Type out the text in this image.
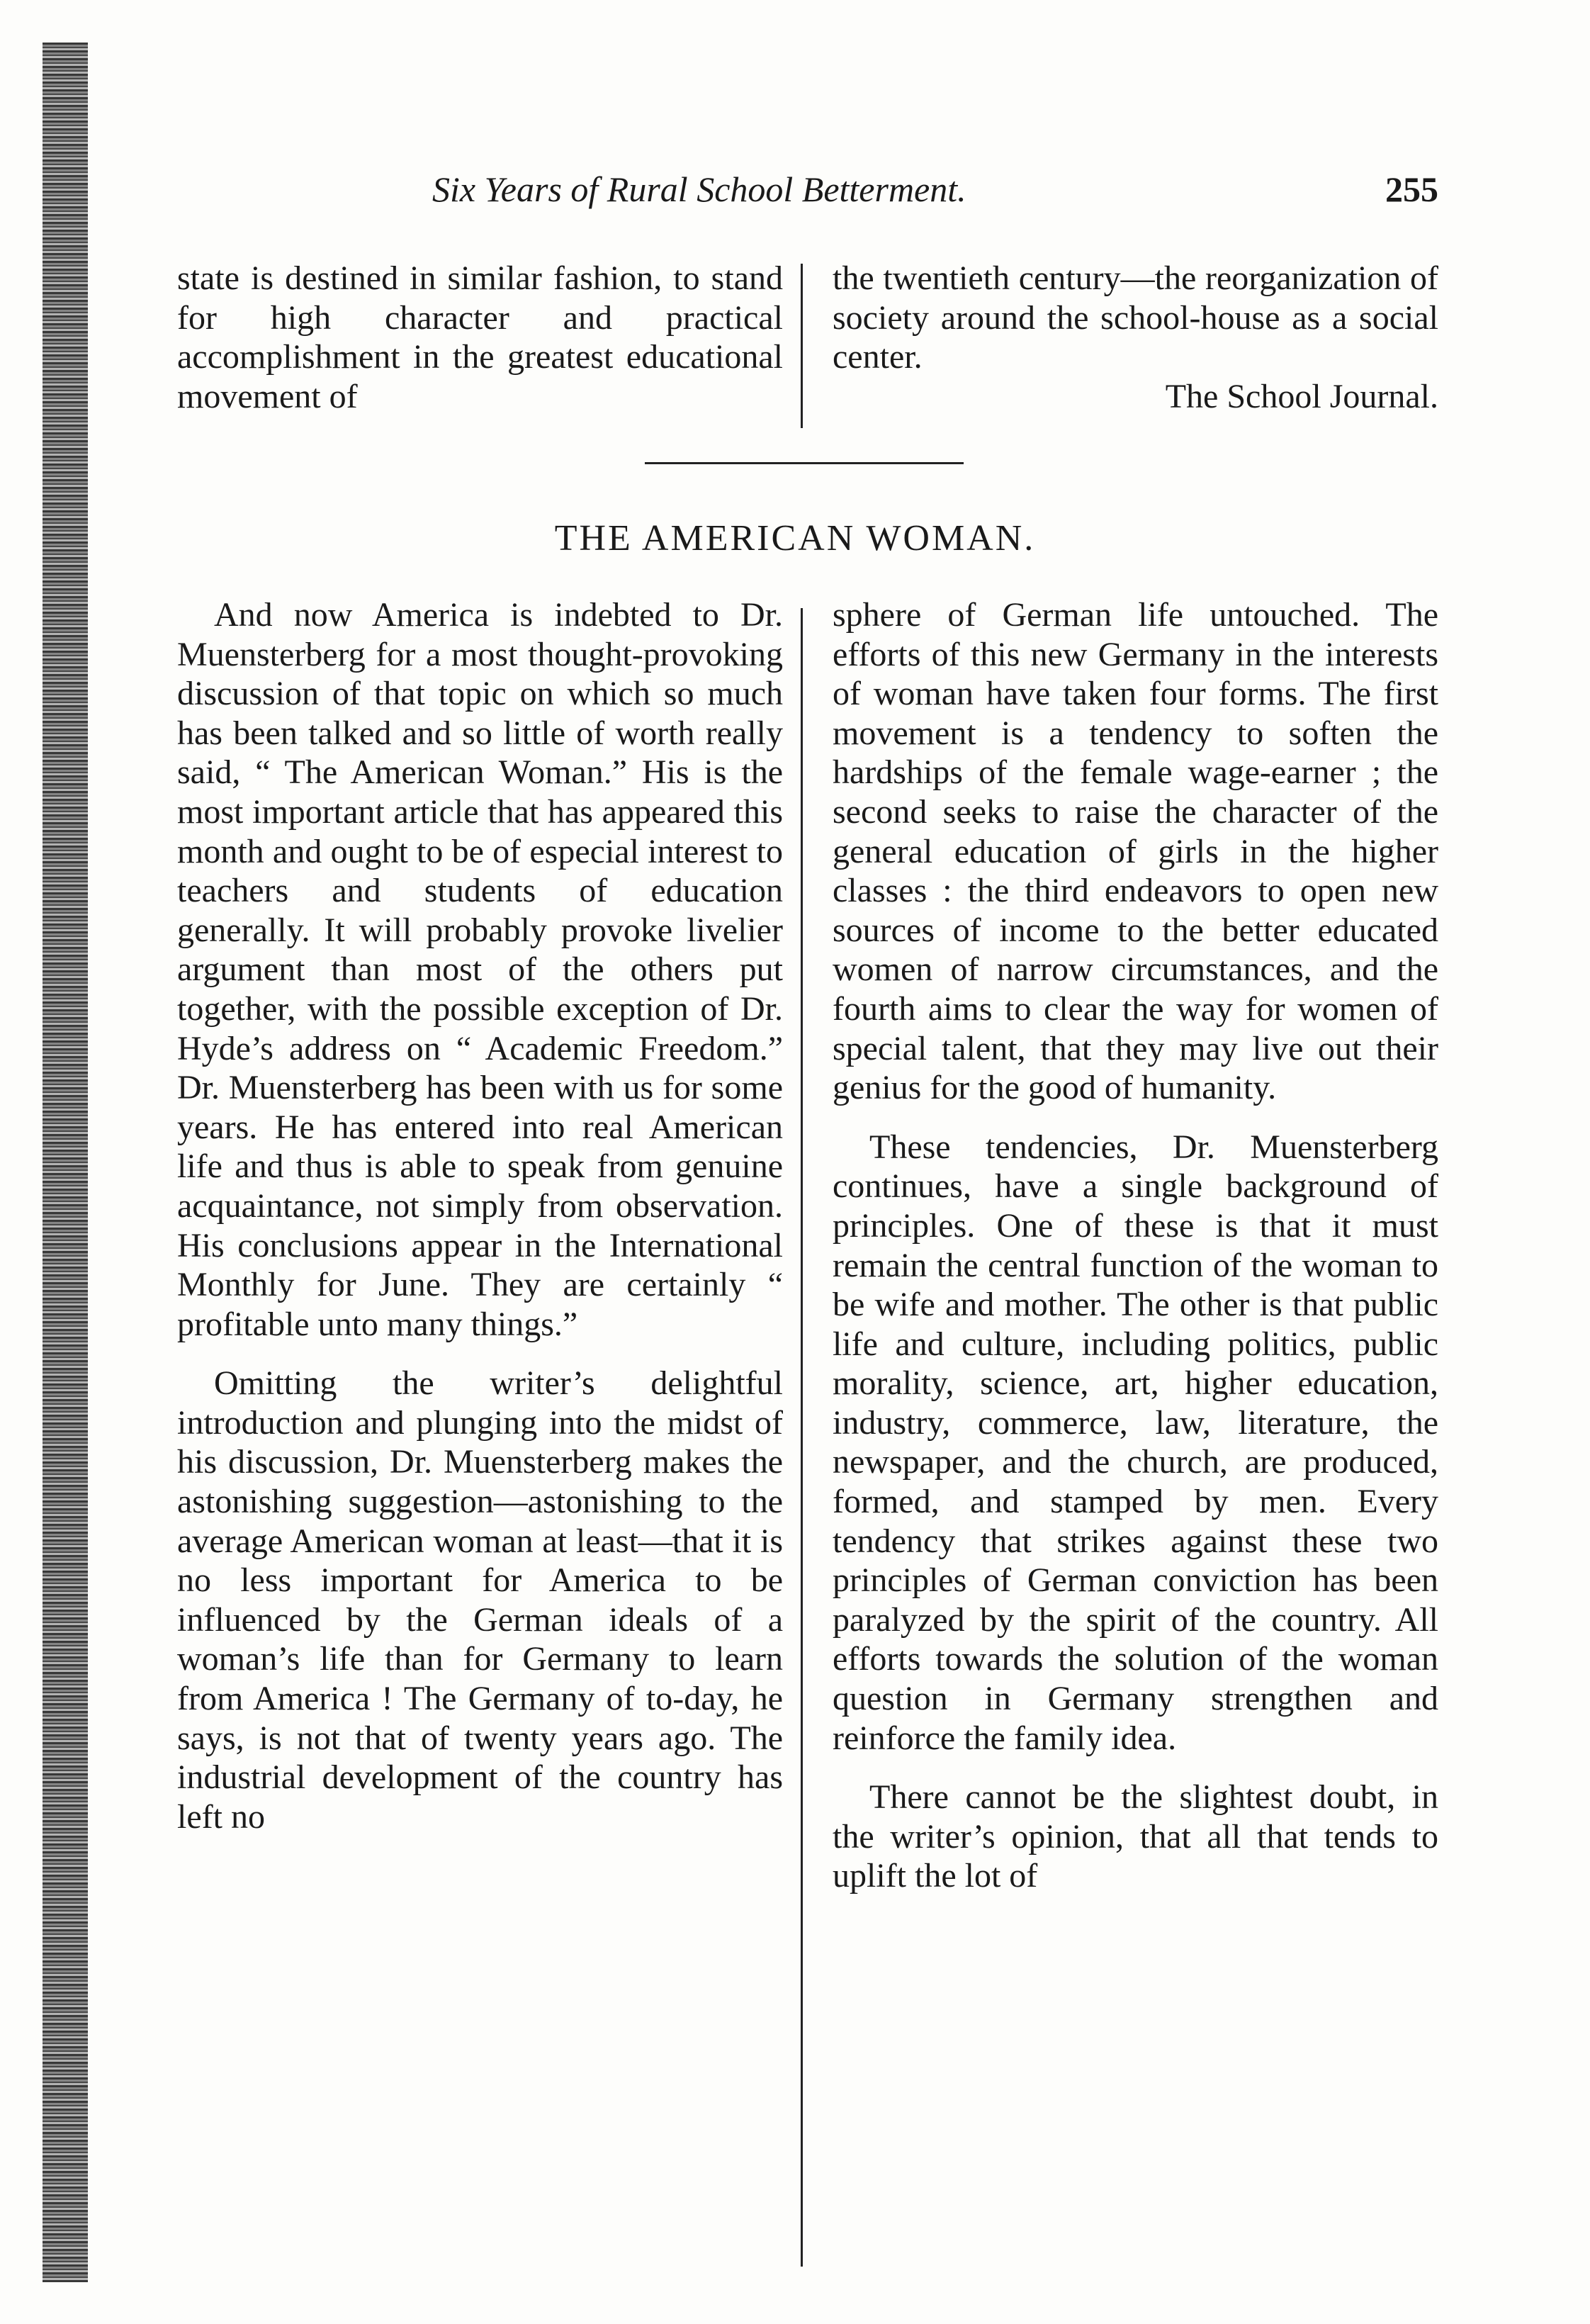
Six Years of Rural School Betterment.	255

state is destined in similar fashion, to stand for high character and practical accomplishment in the greatest educational movement of

the twentieth century—the reorganization of society around the school-house as a social center.

The School Journal.

THE AMERICAN WOMAN.

And now America is indebted to Dr. Muensterberg for a most thought-provoking discussion of that topic on which so much has been talked and so little of worth really said, “ The American Woman.” His is the most important article that has appeared this month and ought to be of especial interest to teachers and students of education generally. It will probably provoke livelier argument than most of the others put together, with the possible exception of Dr. Hyde’s address on “ Academic Freedom.” Dr. Muensterberg has been with us for some years. He has entered into real American life and thus is able to speak from genuine acquaintance, not simply from observation. His conclusions appear in the International Monthly for June. They are certainly “ profitable unto many things.”

Omitting the writer’s delightful introduction and plunging into the midst of his discussion, Dr. Muensterberg makes the astonishing suggestion—astonishing to the average American woman at least—that it is no less important for America to be influenced by the German ideals of a woman’s life than for Germany to learn from America ! The Germany of to-day, he says, is not that of twenty years ago. The industrial development of the country has left no

sphere of German life untouched. The efforts of this new Germany in the interests of woman have taken four forms. The first movement is a tendency to soften the hardships of the female wage-earner ; the second seeks to raise the character of the general education of girls in the higher classes : the third endeavors to open new sources of income to the better educated women of narrow circumstances, and the fourth aims to clear the way for women of special talent, that they may live out their genius for the good of humanity.

These tendencies, Dr. Muensterberg continues, have a single background of principles. One of these is that it must remain the central function of the woman to be wife and mother. The other is that public life and culture, including politics, public morality, science, art, higher education, industry, commerce, law, literature, the newspaper, and the church, are produced, formed, and stamped by men. Every tendency that strikes against these two principles of German conviction has been paralyzed by the spirit of the country. All efforts towards the solution of the woman question in Germany strengthen and reinforce the family idea.

There cannot be the slightest doubt, in the writer’s opinion, that all that tends to uplift the lot of
